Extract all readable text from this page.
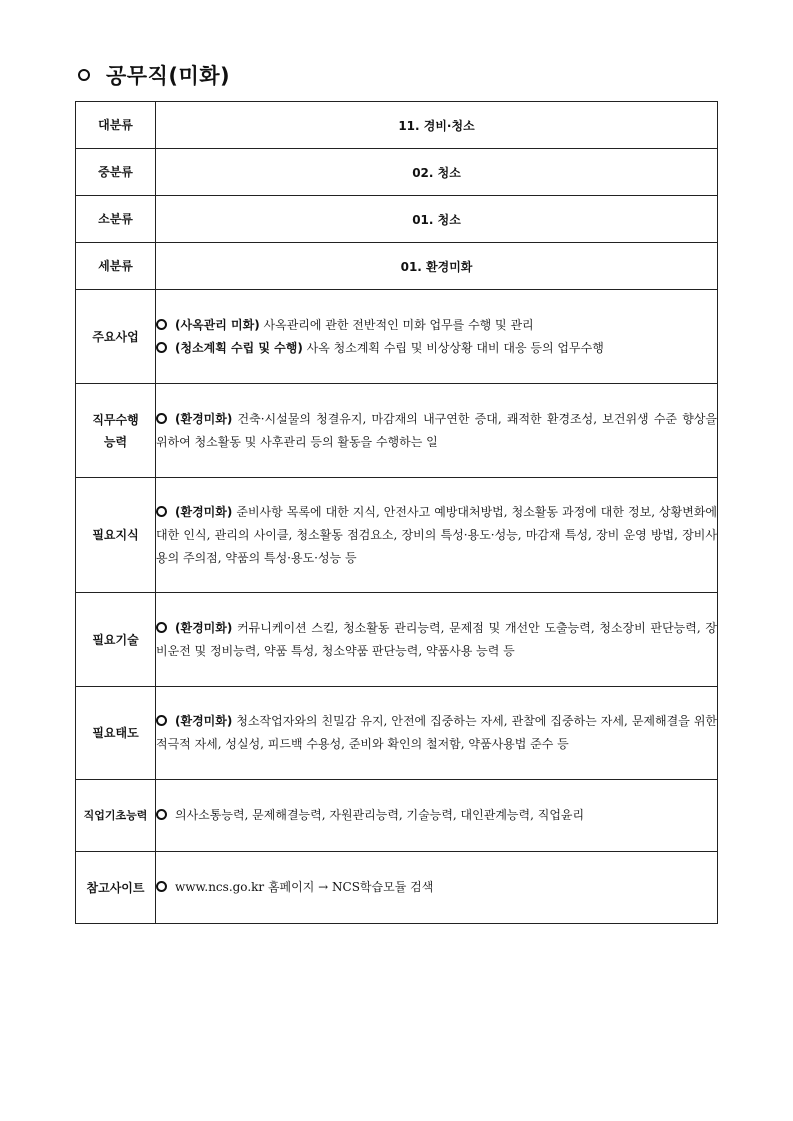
공무직(미화)
대분류	11. 경비·청소
중분류	02. 청소
소분류	01. 청소
세분류	01. 환경미화
주요사업	(사옥관리 미화) 사옥관리에 관한 전반적인 미화 업무를 수행 및 관리
(청소계획 수립 및 수행) 사옥 청소계획 수립 및 비상상황 대비 대응 등의 업무수행

직무수행
능력	(환경미화) 건축·시설물의 청결유지, 마감재의 내구연한 증대, 쾌적한 환경조성, 보건위생 수준 향상을 위하여 청소활동 및 사후관리 등의 활동을 수행하는 일

필요지식	(환경미화) 준비사항 목록에 대한 지식, 안전사고 예방대처방법, 청소활동 과정에 대한 정보, 상황변화에 대한 인식, 관리의 사이클, 청소활동 점검요소, 장비의 특성·용도·성능, 마감재 특성, 장비 운영 방법, 장비사용의 주의점, 약품의 특성·용도·성능 등

필요기술	(환경미화) 커뮤니케이션 스킬, 청소활동 관리능력, 문제점 및 개선안 도출능력, 청소장비 판단능력, 장비운전 및 정비능력, 약품 특성, 청소약품 판단능력, 약품사용 능력 등

필요태도	(환경미화) 청소작업자와의 친밀감 유지, 안전에 집중하는 자세, 관찰에 집중하는 자세, 문제해결을 위한 적극적 자세, 성실성, 피드백 수용성, 준비와 확인의 철저함, 약품사용법 준수 등

직업기초능력	의사소통능력, 문제해결능력, 자원관리능력, 기술능력, 대인관계능력, 직업윤리

참고사이트	www.ncs.go.kr 홈페이지 → NCS학습모듈 검색
